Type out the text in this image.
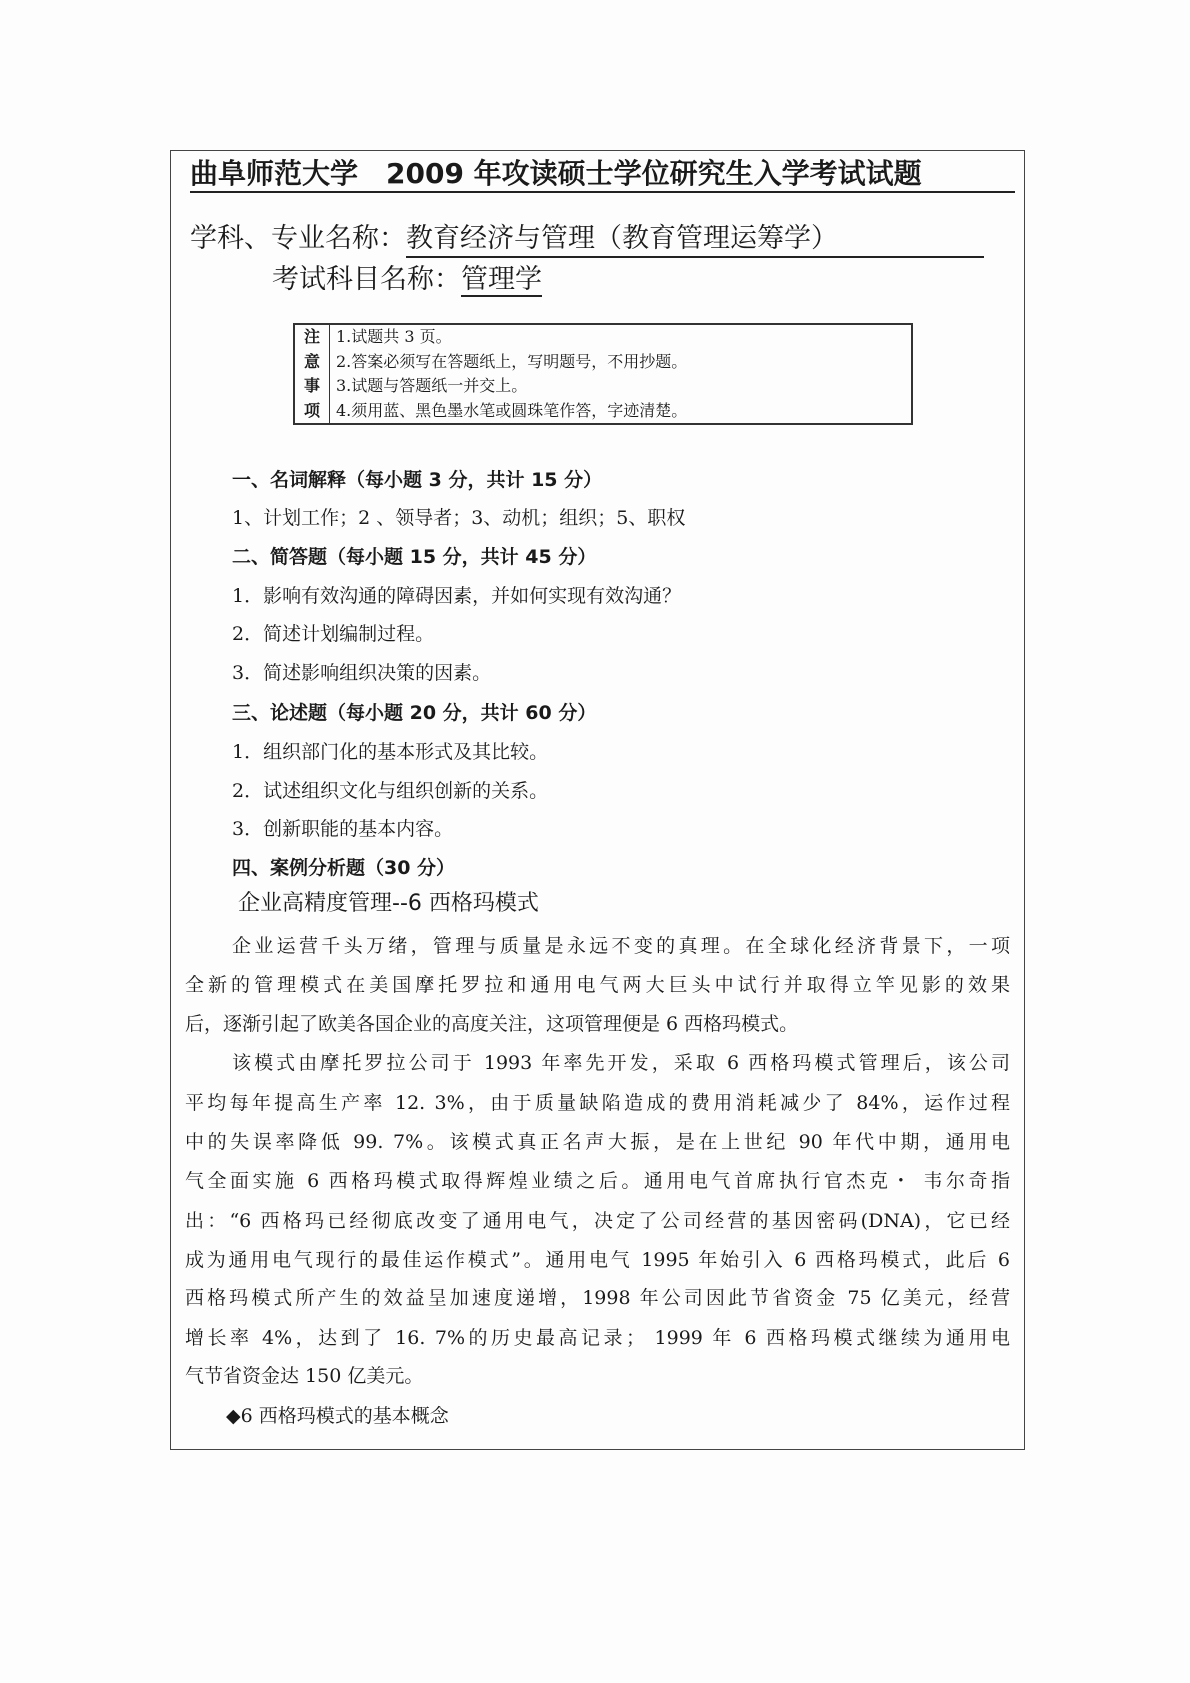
曲阜师范大学　2009 年攻读硕士学位研究生入学考试试题
学科、专业名称：教育经济与管理（教育管理运筹学）
考试科目名称：管理学
注	1.试题共 3 页。
意	2.答案必须写在答题纸上，写明题号，不用抄题。
事	3.试题与答题纸一并交上。
项	4.须用蓝、黑色墨水笔或圆珠笔作答，字迹清楚。
一、名词解释（每小题 3 分，共计 15 分）
1、计划工作；2 、领导者；3、动机；组织；5、职权
二、简答题（每小题 15 分，共计 45 分）
1．影响有效沟通的障碍因素，并如何实现有效沟通？
2．简述计划编制过程。
3．简述影响组织决策的因素。
三、论述题（每小题 20 分，共计 60 分）
1．组织部门化的基本形式及其比较。
2．试述组织文化与组织创新的关系。
3．创新职能的基本内容。
四、案例分析题（30 分）
企业高精度管理--6 西格玛模式
企业运营千头万绪，管理与质量是永远不变的真理。在全球化经济背景下，一项
全新的管理模式在美国摩托罗拉和通用电气两大巨头中试行并取得立竿见影的效果
后，逐渐引起了欧美各国企业的高度关注，这项管理便是 6 西格玛模式。
该模式由摩托罗拉公司于 1993 年率先开发，采取 6 西格玛模式管理后，该公司
平均每年提高生产率 12. 3%，由于质量缺陷造成的费用消耗减少了 84%，运作过程
中的失误率降低 99. 7%。该模式真正名声大振，是在上世纪 90 年代中期，通用电
气全面实施 6 西格玛模式取得辉煌业绩之后。通用电气首席执行官杰克・ 韦尔奇指
出：“6 西格玛已经彻底改变了通用电气，决定了公司经营的基因密码(DNA)，它已经
成为通用电气现行的最佳运作模式”。通用电气 1995 年始引入 6 西格玛模式，此后 6
西格玛模式所产生的效益呈加速度递增，1998 年公司因此节省资金 75 亿美元，经营
增长率 4%，达到了 16. 7%的历史最高记录； 1999 年 6 西格玛模式继续为通用电
气节省资金达 150 亿美元。
◆6 西格玛模式的基本概念
